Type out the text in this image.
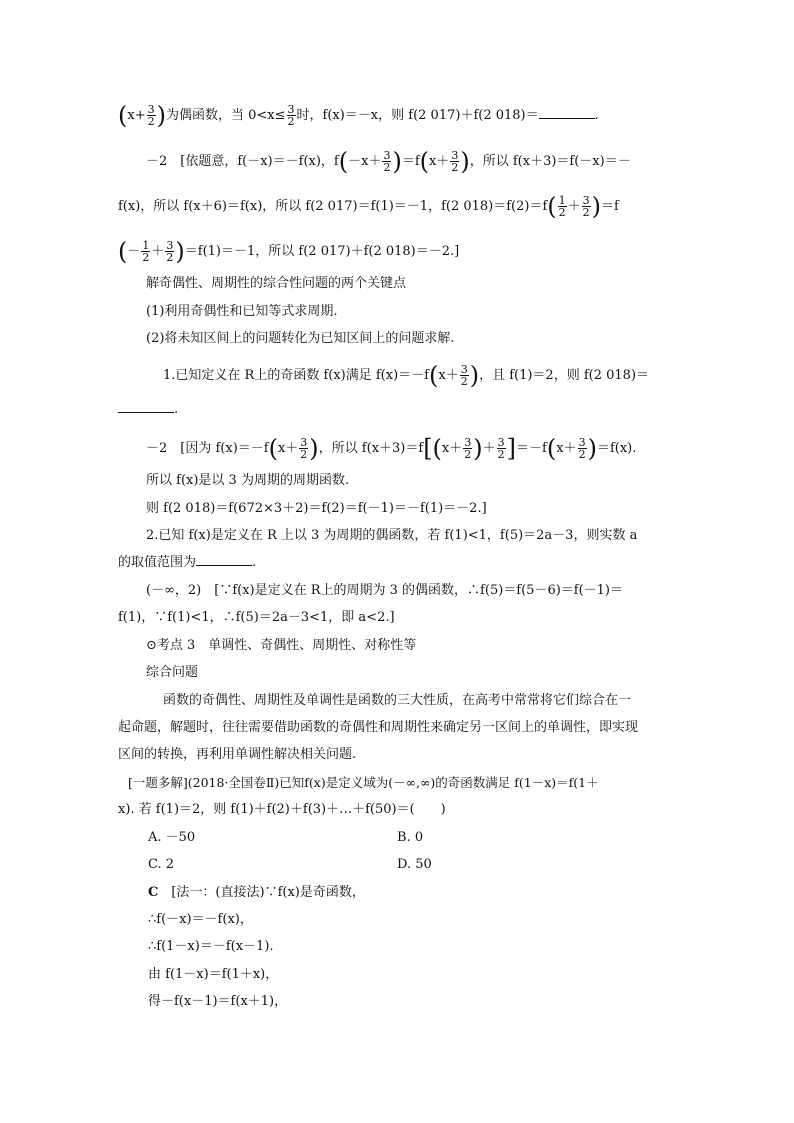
($x+ \frac{3}{2}$ )为偶函数，当 $0<x\le \frac{3}{2}$ 时，f(x)＝－x，则 f(2 017)＋f(2 018)＝	.
－2　[依题意，f(－x)＝－f(x)，$f(-x+ \frac{3}{2} )=f(x+ \frac{3}{2}$ )，所以 f(x＋3)＝f(－x)＝－
f(x)，所以 f(x＋6)＝f(x)，所以 f(2 017)＝f(1)＝－1，f(2 $018)=f(2)=f( \frac{1}{2} + \frac{3}{2} )=f$
(－ $\frac{1}{2} + \frac{3}{2} )=f(1)=-1$，所以 f(2 017)＋f(2 018)＝－2.]
解奇偶性、周期性的综合性问题的两个关键点
(1)利用奇偶性和已知等式求周期.
(2)将未知区间上的问题转化为已知区间上的问题求解.
1.已知定义在 R上的奇函数 f(x)满足 $f(x)=-f(x+ \frac{3}{2}$ )，且 f(1)＝2，则 f(2 018)＝
.
－2　[因为 $f(x)=-f(x+ \frac{3}{2}$ )，所以 $f(x+3)=f[(x+ \frac{3}{2}$ )＋ $\frac{3}{2} ]=-f(x+ \frac{3}{2} )=f(x)$.
所以 f(x)是以 3 为周期的周期函数.
则 f(2 018)＝f(672×3＋2)＝f(2)＝f(－1)＝－f(1)＝－2.]
2.已知 f(x)是定义在 R 上以 3 为周期的偶函数，若 f(1)<1，f(5)＝2a－3，则实数 a
的取值范围为	.
(－∞，2)　[∵f(x)是定义在 R上的周期为 3 的偶函数，∴f(5)＝f(5－6)＝f(－1)＝
f(1)，∵f(1)<1，∴f(5)＝2a－3<1，即 a<2.]
⊙考点 3　单调性、奇偶性、周期性、对称性等
综合问题
函数的奇偶性、周期性及单调性是函数的三大性质，在高考中常常将它们综合在一
起命题，解题时，往往需要借助函数的奇偶性和周期性来确定另一区间上的单调性，即实现
区间的转换，再利用单调性解决相关问题.
[一题多解](2018·全国卷Ⅱ)已知f(x)是定义域为(－∞,∞)的奇函数满足 f(1－x)＝f(1＋
x). 若 f(1)＝2，则 f(1)＋f(2)＋f(3)＋…＋f(50)＝(　　)
A. －50	B. 0
C. 2	D. 50
C　[法一：(直接法)∵f(x)是奇函数，
∴f(－x)＝－f(x)，
∴f(1－x)＝－f(x－1).
由 f(1－x)＝f(1＋x)，
得－f(x－1)＝f(x＋1)，
